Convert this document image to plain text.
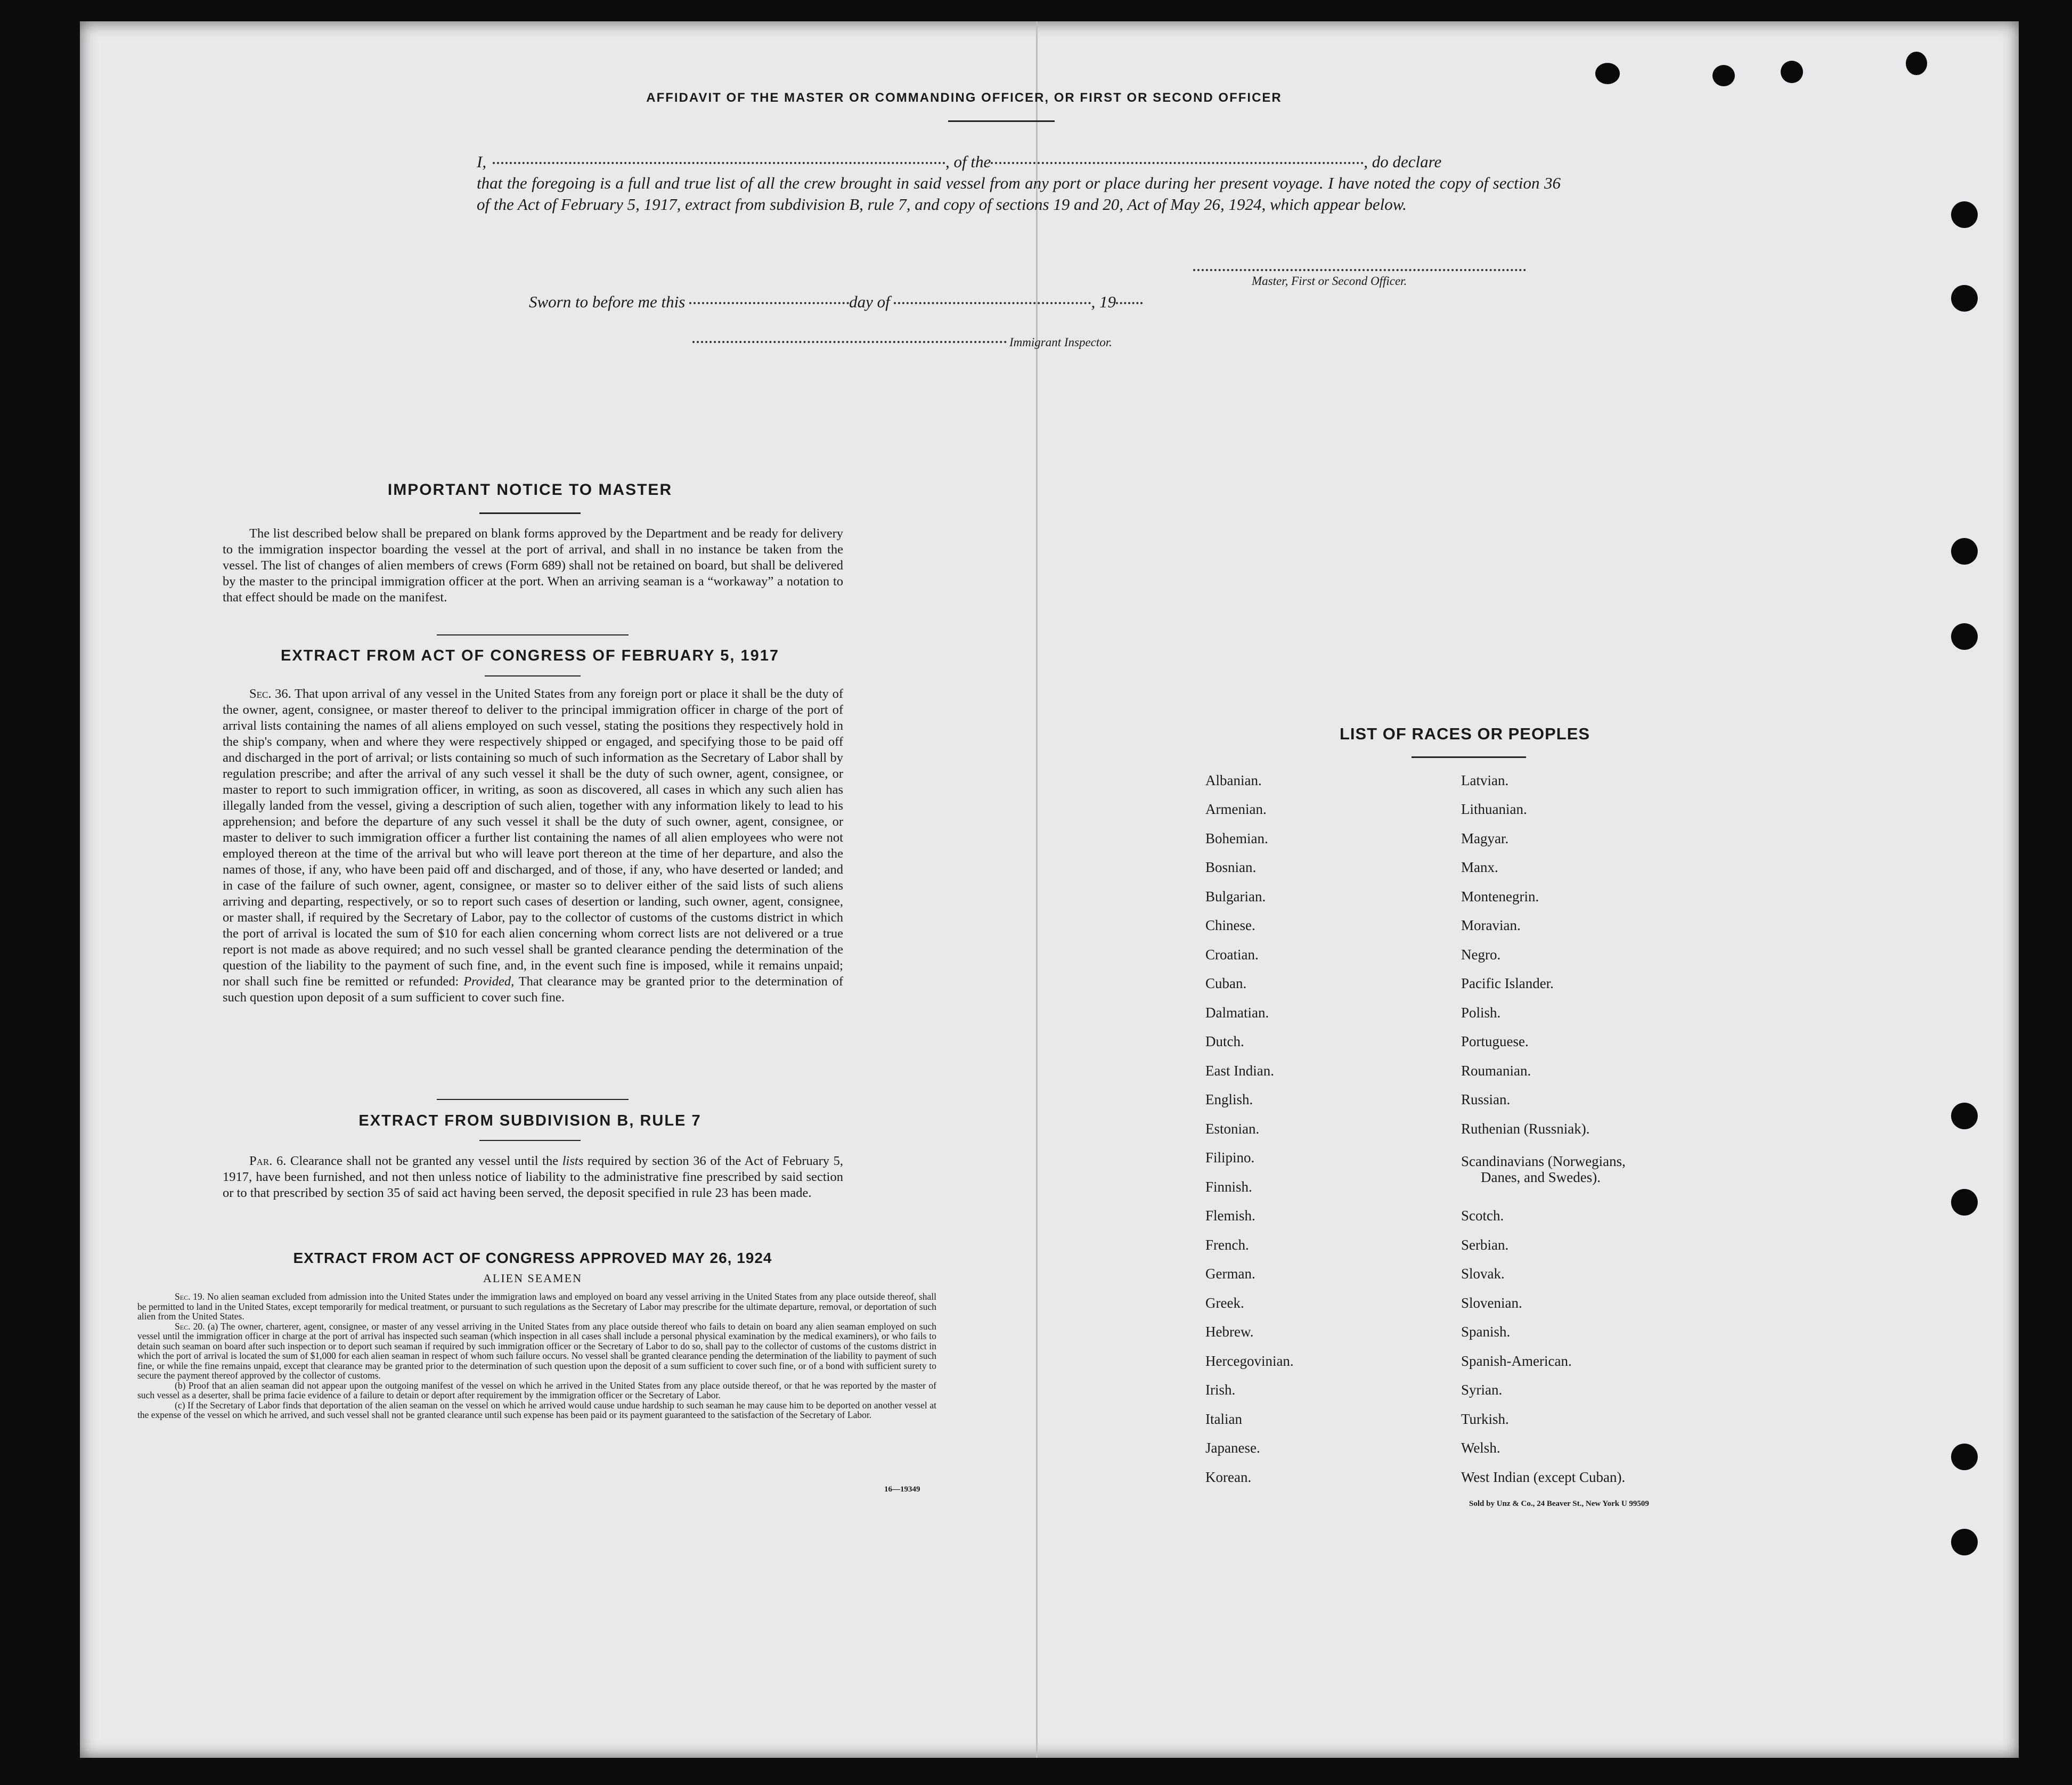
AFFIDAVIT OF THE MASTER OR COMMANDING OFFICER, OR FIRST OR SECOND OFFICER
I,	, of the	, do declare
that the foregoing is a full and true list of all the crew brought in said vessel from any port or place during her present voyage. I have noted the copy of section 36 of the Act of February 5, 1917, extract from subdivision B, rule 7, and copy of sections 19 and 20, Act of May 26, 1924, which appear below.
Master, First or Second Officer.
Sworn to before me this	day of	, 19
Immigrant Inspector.
IMPORTANT NOTICE TO MASTER
The list described below shall be prepared on blank forms approved by the Department and be ready for delivery to the immigration inspector boarding the vessel at the port of arrival, and shall in no instance be taken from the vessel. The list of changes of alien members of crews (Form 689) shall not be retained on board, but shall be delivered by the master to the principal immigration officer at the port. When an arriving seaman is a “workaway” a notation to that effect should be made on the manifest.
EXTRACT FROM ACT OF CONGRESS OF FEBRUARY 5, 1917
Sec. 36. That upon arrival of any vessel in the United States from any foreign port or place it shall be the duty of the owner, agent, consignee, or master thereof to deliver to the principal immigration officer in charge of the port of arrival lists containing the names of all aliens employed on such vessel, stating the positions they respectively hold in the ship's company, when and where they were respectively shipped or engaged, and specifying those to be paid off and discharged in the port of arrival; or lists containing so much of such information as the Secretary of Labor shall by regulation prescribe; and after the arrival of any such vessel it shall be the duty of such owner, agent, consignee, or master to report to such immigration officer, in writing, as soon as discovered, all cases in which any such alien has illegally landed from the vessel, giving a description of such alien, together with any information likely to lead to his apprehension; and before the departure of any such vessel it shall be the duty of such owner, agent, consignee, or master to deliver to such immigration officer a further list containing the names of all alien employees who were not employed thereon at the time of the arrival but who will leave port thereon at the time of her departure, and also the names of those, if any, who have been paid off and discharged, and of those, if any, who have deserted or landed; and in case of the failure of such owner, agent, consignee, or master so to deliver either of the said lists of such aliens arriving and departing, respectively, or so to report such cases of desertion or landing, such owner, agent, consignee, or master shall, if required by the Secretary of Labor, pay to the collector of customs of the customs district in which the port of arrival is located the sum of $10 for each alien concerning whom correct lists are not delivered or a true report is not made as above required; and no such vessel shall be granted clearance pending the determination of the question of the liability to the payment of such fine, and, in the event such fine is imposed, while it remains unpaid; nor shall such fine be remitted or refunded: Provided, That clearance may be granted prior to the determination of such question upon deposit of a sum sufficient to cover such fine.
EXTRACT FROM SUBDIVISION B, RULE 7
Par. 6. Clearance shall not be granted any vessel until the lists required by section 36 of the Act of February 5, 1917, have been furnished, and not then unless notice of liability to the administrative fine prescribed by said section or to that prescribed by section 35 of said act having been served, the deposit specified in rule 23 has been made.
EXTRACT FROM ACT OF CONGRESS APPROVED MAY 26, 1924
ALIEN SEAMEN
Sec. 19. No alien seaman excluded from admission into the United States under the immigration laws and employed on board any vessel arriving in the United States from any place outside thereof, shall be permitted to land in the United States, except temporarily for medical treatment, or pursuant to such regulations as the Secretary of Labor may prescribe for the ultimate departure, removal, or deportation of such alien from the United States.
Sec. 20. (a) The owner, charterer, agent, consignee, or master of any vessel arriving in the United States from any place outside thereof who fails to detain on board any alien seaman employed on such vessel until the immigration officer in charge at the port of arrival has inspected such seaman (which inspection in all cases shall include a personal physical examination by the medical examiners), or who fails to detain such seaman on board after such inspection or to deport such seaman if required by such immigration officer or the Secretary of Labor to do so, shall pay to the collector of customs of the customs district in which the port of arrival is located the sum of $1,000 for each alien seaman in respect of whom such failure occurs. No vessel shall be granted clearance pending the determination of the liability to payment of such fine, or while the fine remains unpaid, except that clearance may be granted prior to the determination of such question upon the deposit of a sum sufficient to cover such fine, or of a bond with sufficient surety to secure the payment thereof approved by the collector of customs.
(b) Proof that an alien seaman did not appear upon the outgoing manifest of the vessel on which he arrived in the United States from any place outside thereof, or that he was reported by the master of such vessel as a deserter, shall be prima facie evidence of a failure to detain or deport after requirement by the immigration officer or the Secretary of Labor.
(c) If the Secretary of Labor finds that deportation of the alien seaman on the vessel on which he arrived would cause undue hardship to such seaman he may cause him to be deported on another vessel at the expense of the vessel on which he arrived, and such vessel shall not be granted clearance until such expense has been paid or its payment guaranteed to the satisfaction of the Secretary of Labor.
16—19349
LIST OF RACES OR PEOPLES
Albanian.
Armenian.
Bohemian.
Bosnian.
Bulgarian.
Chinese.
Croatian.
Cuban.
Dalmatian.
Dutch.
East Indian.
English.
Estonian.
Filipino.
Finnish.
Flemish.
French.
German.
Greek.
Hebrew.
Hercegovinian.
Irish.
Italian
Japanese.
Korean.
Latvian.
Lithuanian.
Magyar.
Manx.
Montenegrin.
Moravian.
Negro.
Pacific Islander.
Polish.
Portuguese.
Roumanian.
Russian.
Ruthenian (Russniak).
Scandinavians (Norwegians,
Danes, and Swedes).
Scotch.
Serbian.
Slovak.
Slovenian.
Spanish.
Spanish-American.
Syrian.
Turkish.
Welsh.
West Indian (except Cuban).
Sold by Unz & Co., 24 Beaver St., New York U 99509
